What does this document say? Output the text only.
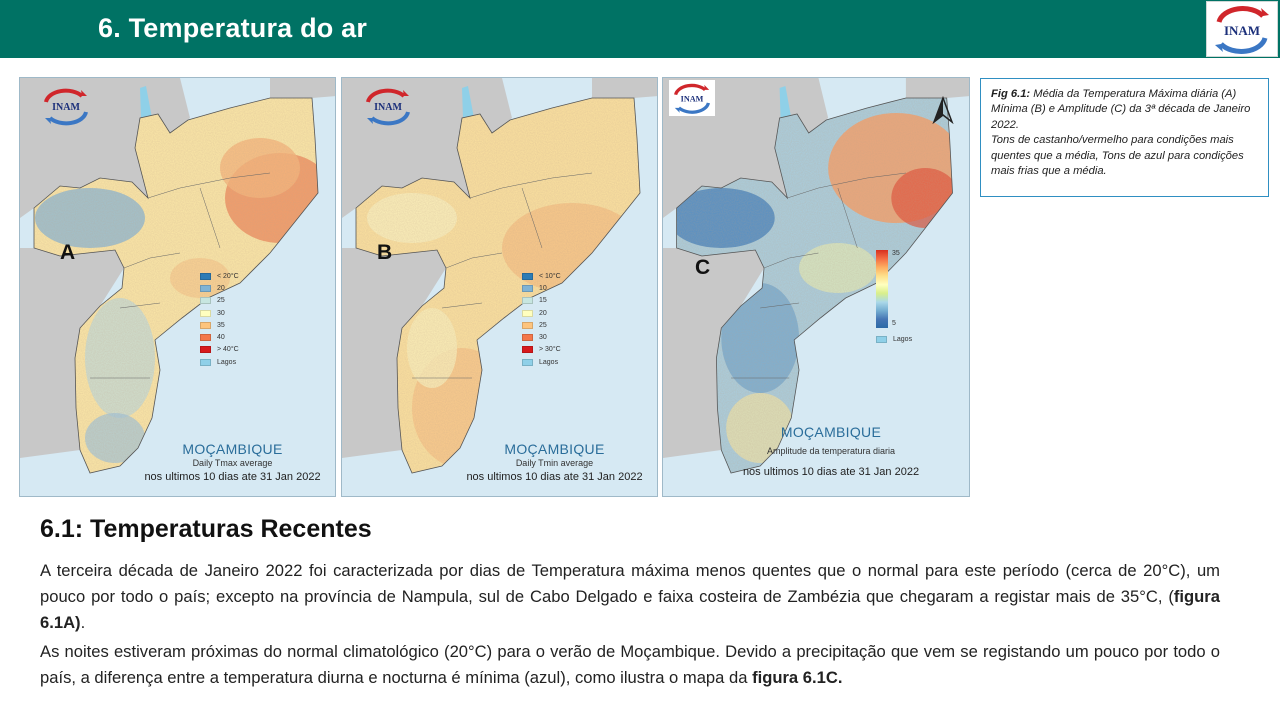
6. Temperatura do ar	INAM
INAM
A
< 20°C
20
25
30
35
40
> 40°C
Lagos
MOÇAMBIQUE
Daily Tmax average
nos ultimos 10 dias ate 31 Jan 2022
INAM
B
< 10°C
10
15
20
25
30
> 30°C
Lagos
MOÇAMBIQUE
Daily Tmin average
nos ultimos 10 dias ate 31 Jan 2022
INAM
C
35
5
Lagos
MOÇAMBIQUE
Amplitude da temperatura diaria
nos ultimos 10 dias ate 31 Jan 2022
Fig 6.1: Média da Temperatura Máxima diária (A) Mínima (B) e Amplitude (C) da 3ª década de Janeiro 2022.
Tons de castanho/vermelho para condições mais quentes que a média, Tons de azul para condições mais frias que a média.
6.1: Temperaturas Recentes

A terceira década de Janeiro 2022 foi caracterizada por dias de Temperatura máxima menos quentes que o normal para este período (cerca de 20°C), um pouco por todo o país; excepto na província de Nampula, sul de Cabo Delgado e faixa costeira de Zambézia que chegaram a registar mais de 35°C, (figura 6.1A).

As noites estiveram próximas do normal climatológico (20°C) para o verão de Moçambique. Devido a precipitação que vem se registando um pouco por todo o país, a diferença entre a temperatura diurna e nocturna é mínima (azul), como ilustra o mapa da figura 6.1C.
